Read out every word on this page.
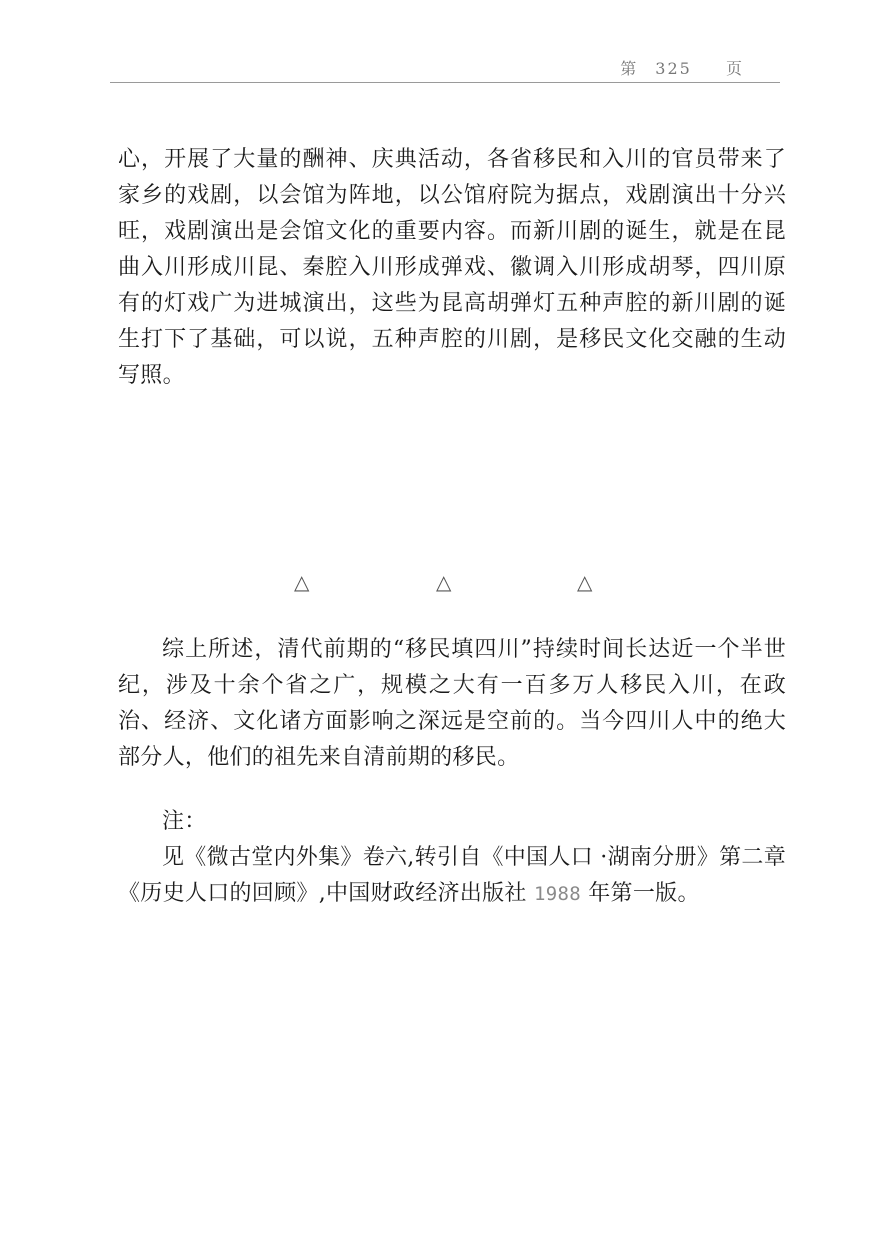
第 325  页

心，开展了大量的酬神、庆典活动，各省移民和入川的官员带来了家乡的戏剧，以会馆为阵地，以公馆府院为据点，戏剧演出十分兴旺，戏剧演出是会馆文化的重要内容。而新川剧的诞生，就是在昆曲入川形成川昆、秦腔入川形成弹戏、徽调入川形成胡琴，四川原有的灯戏广为进城演出，这些为昆高胡弹灯五种声腔的新川剧的诞生打下了基础，可以说，五种声腔的川剧，是移民文化交融的生动写照。

△	△	△

综上所述，清代前期的“移民填四川”持续时间长达近一个半世纪，涉及十余个省之广，规模之大有一百多万人移民入川，在政治、经济、文化诸方面影响之深远是空前的。当今四川人中的绝大部分人，他们的祖先来自清前期的移民。

注：

见《微古堂内外集》卷六,转引自《中国人口 ·湖南分册》第二章《历史人口的回顾》,中国财政经济出版社 1988 年第一版。
